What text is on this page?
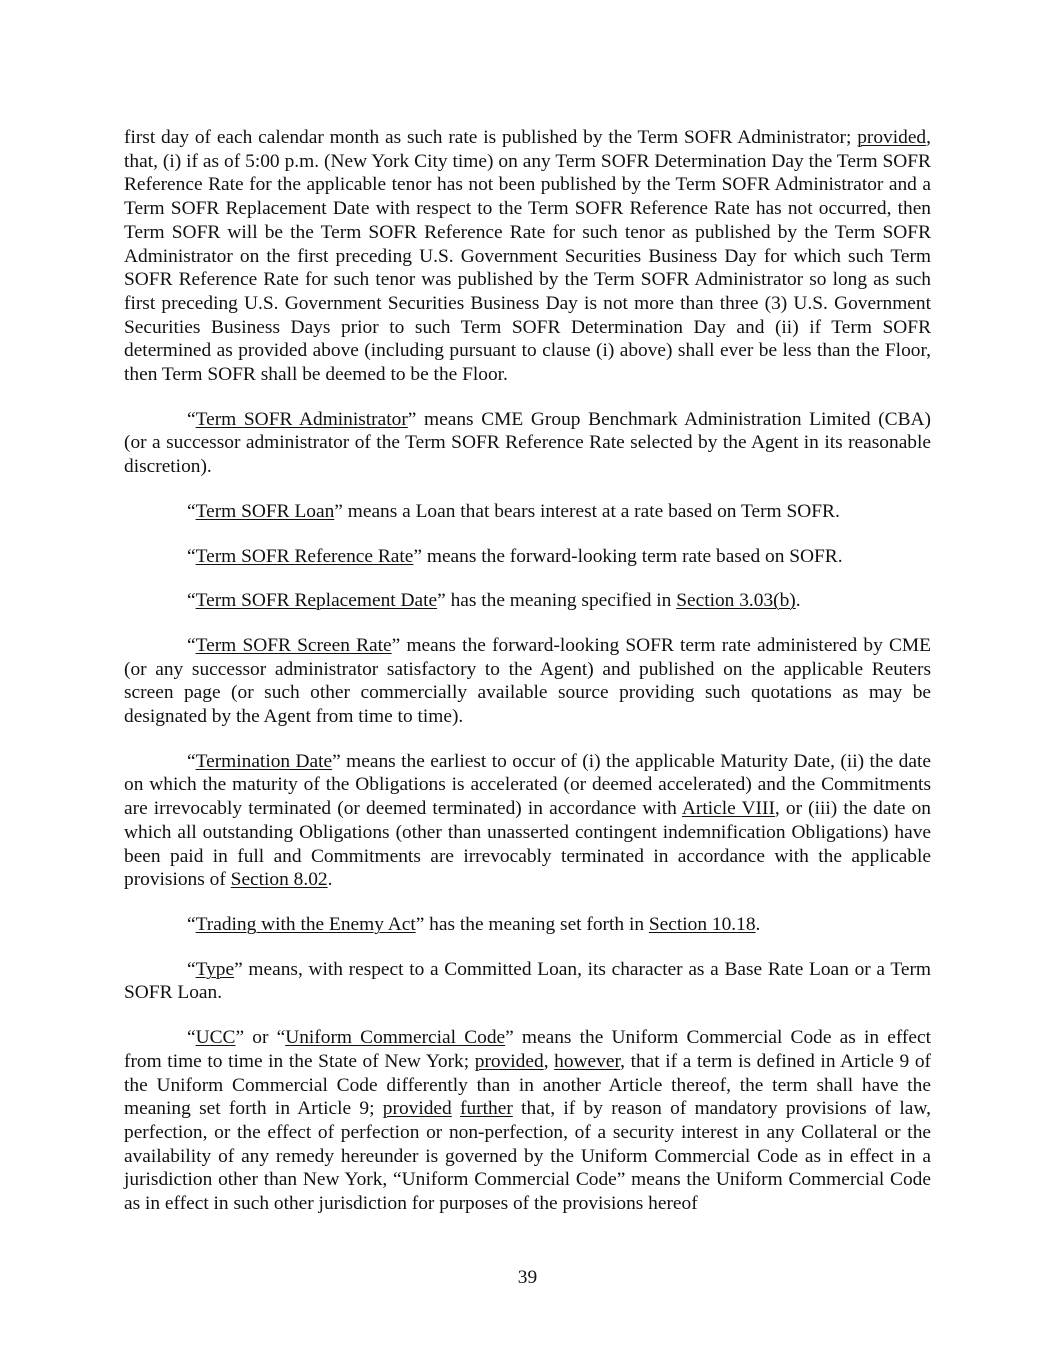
first day of each calendar month as such rate is published by the Term SOFR Administrator; provided, that, (i) if as of 5:00 p.m. (New York City time) on any Term SOFR Determination Day the Term SOFR Reference Rate for the applicable tenor has not been published by the Term SOFR Administrator and a Term SOFR Replacement Date with respect to the Term SOFR Reference Rate has not occurred, then Term SOFR will be the Term SOFR Reference Rate for such tenor as published by the Term SOFR Administrator on the first preceding U.S. Government Securities Business Day for which such Term SOFR Reference Rate for such tenor was published by the Term SOFR Administrator so long as such first preceding U.S. Government Securities Business Day is not more than three (3) U.S. Government Securities Business Days prior to such Term SOFR Determination Day and (ii) if Term SOFR determined as provided above (including pursuant to clause (i) above) shall ever be less than the Floor, then Term SOFR shall be deemed to be the Floor.

“Term SOFR Administrator” means CME Group Benchmark Administration Limited (CBA) (or a successor administrator of the Term SOFR Reference Rate selected by the Agent in its reasonable discretion).

“Term SOFR Loan” means a Loan that bears interest at a rate based on Term SOFR.

“Term SOFR Reference Rate” means the forward-looking term rate based on SOFR.

“Term SOFR Replacement Date” has the meaning specified in Section 3.03(b).

“Term SOFR Screen Rate” means the forward-looking SOFR term rate administered by CME (or any successor administrator satisfactory to the Agent) and published on the applicable Reuters screen page (or such other commercially available source providing such quotations as may be designated by the Agent from time to time).

“Termination Date” means the earliest to occur of (i) the applicable Maturity Date, (ii) the date on which the maturity of the Obligations is accelerated (or deemed accelerated) and the Commitments are irrevocably terminated (or deemed terminated) in accordance with Article VIII, or (iii) the date on which all outstanding Obligations (other than unasserted contingent indemnification Obligations) have been paid in full and Commitments are irrevocably terminated in accordance with the applicable provisions of Section 8.02.

“Trading with the Enemy Act” has the meaning set forth in Section 10.18.

“Type” means, with respect to a Committed Loan, its character as a Base Rate Loan or a Term SOFR Loan.

“UCC” or “Uniform Commercial Code” means the Uniform Commercial Code as in effect from time to time in the State of New York; provided, however, that if a term is defined in Article 9 of the Uniform Commercial Code differently than in another Article thereof, the term shall have the meaning set forth in Article 9; provided further that, if by reason of mandatory provisions of law, perfection, or the effect of perfection or non-perfection, of a security interest in any Collateral or the availability of any remedy hereunder is governed by the Uniform Commercial Code as in effect in a jurisdiction other than New York, “Uniform Commercial Code” means the Uniform Commercial Code as in effect in such other jurisdiction for purposes of the provisions hereof

39
